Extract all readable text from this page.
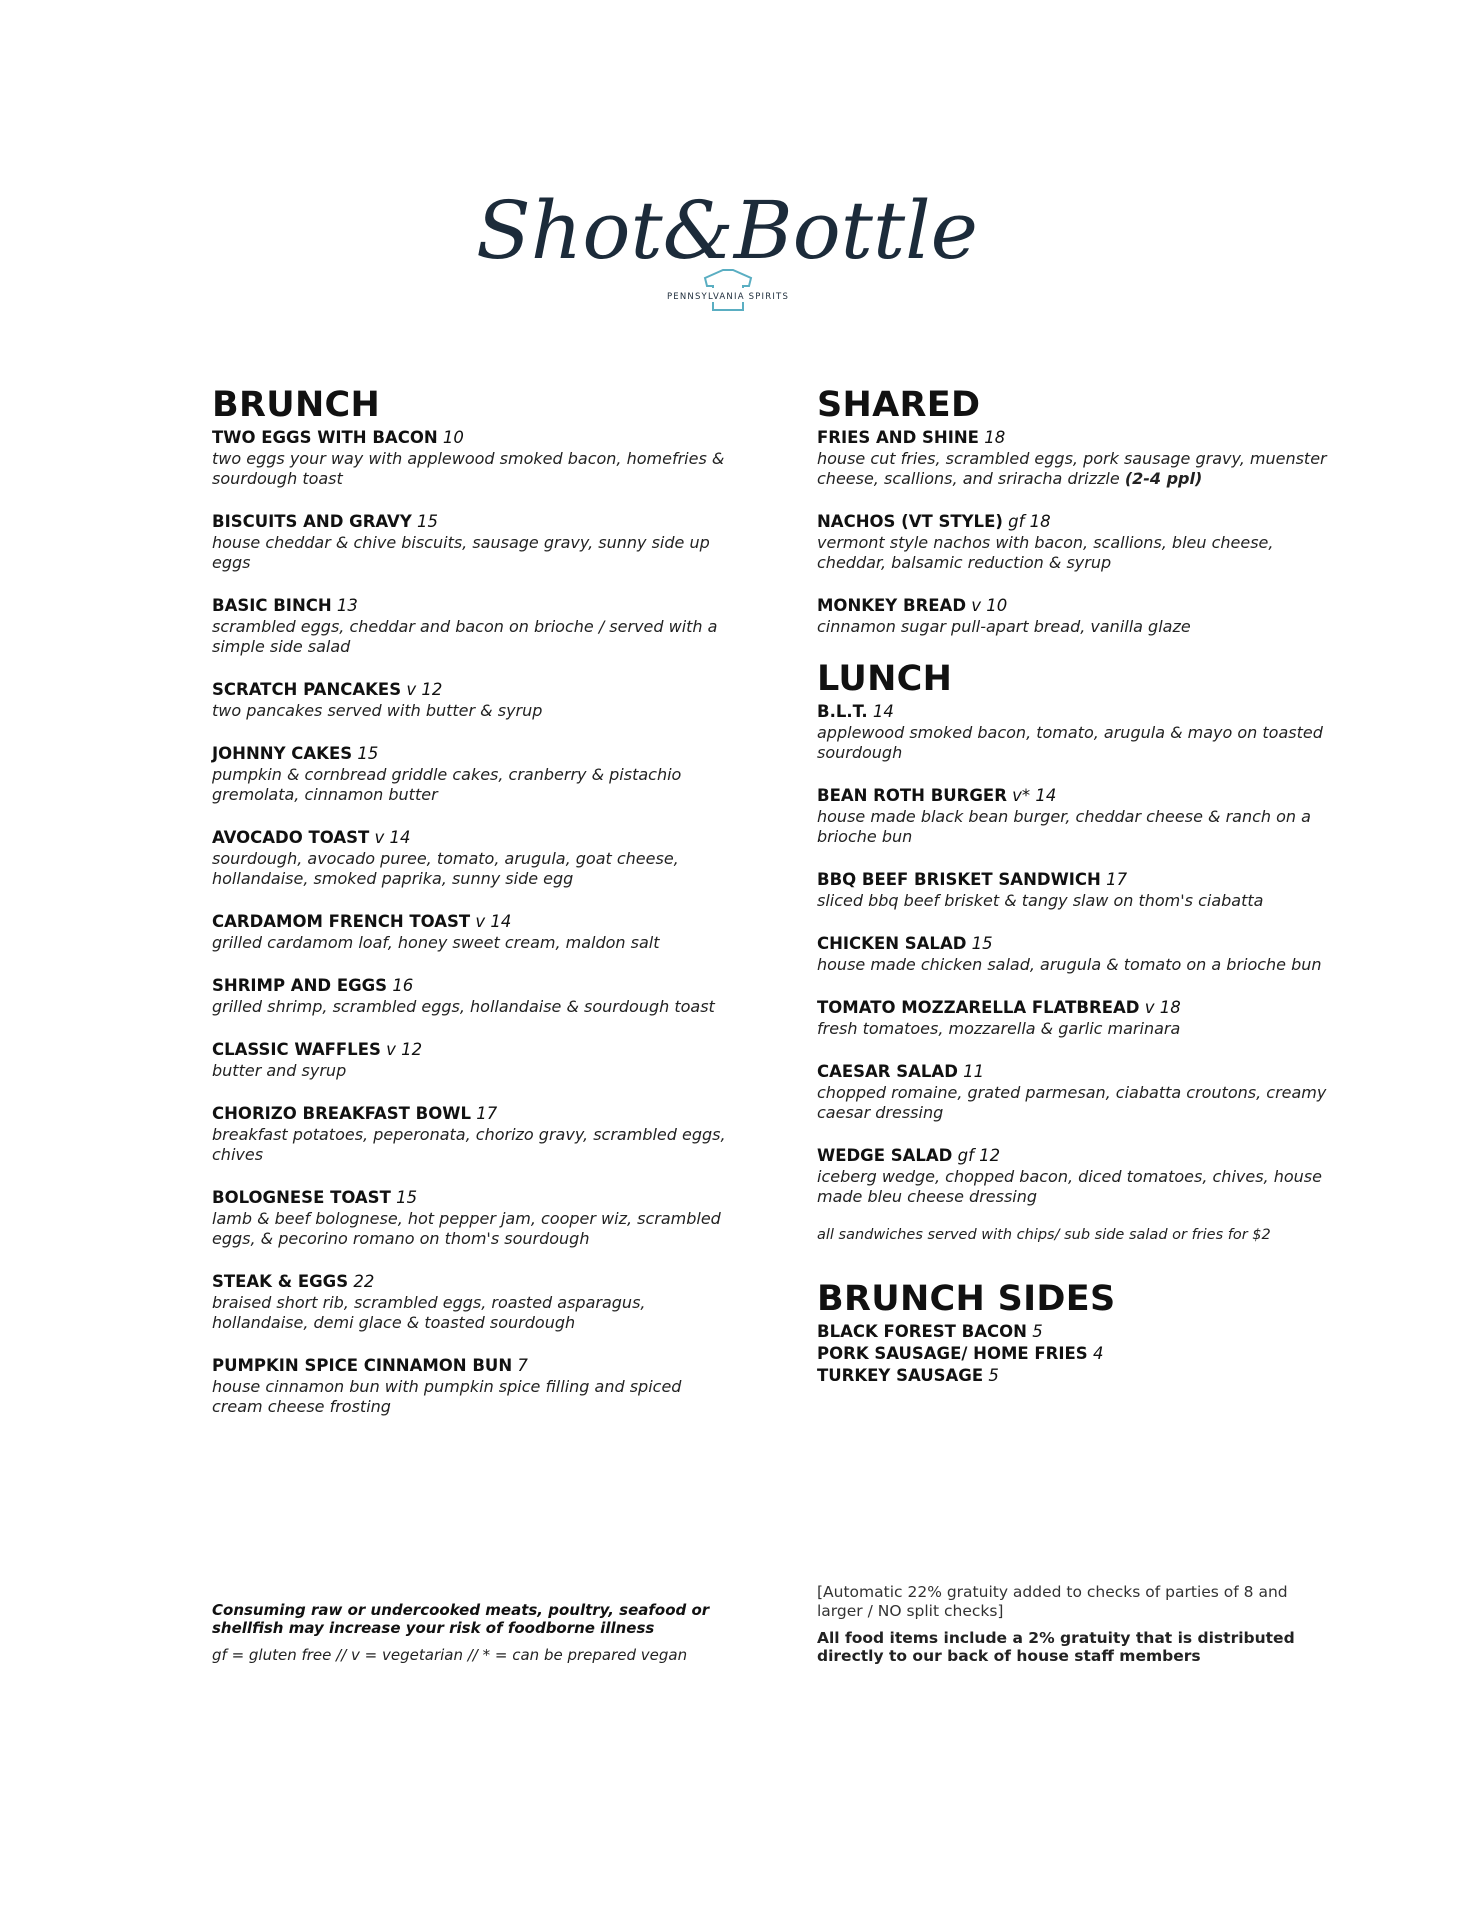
Shot&Bottle
PENNSYLVANIA SPIRITS
BRUNCH
TWO EGGS WITH BACON 10
two eggs your way with applewood smoked bacon, homefries & sourdough toast
BISCUITS AND GRAVY 15
house cheddar & chive biscuits, sausage gravy, sunny side up eggs
BASIC BINCH 13
scrambled eggs, cheddar and bacon on brioche / served with a simple side salad
SCRATCH PANCAKES v 12
two pancakes served with butter & syrup
JOHNNY CAKES 15
pumpkin & cornbread griddle cakes, cranberry & pistachio gremolata, cinnamon butter
AVOCADO TOAST v 14
sourdough, avocado puree, tomato, arugula, goat cheese, hollandaise, smoked paprika, sunny side egg
CARDAMOM FRENCH TOAST v 14
grilled cardamom loaf, honey sweet cream, maldon salt
SHRIMP AND EGGS 16
grilled shrimp, scrambled eggs, hollandaise & sourdough toast
CLASSIC WAFFLES v 12
butter and syrup
CHORIZO BREAKFAST BOWL 17
breakfast potatoes, peperonata, chorizo gravy, scrambled eggs, chives
BOLOGNESE TOAST 15
lamb & beef bolognese, hot pepper jam, cooper wiz, scrambled eggs, & pecorino romano on thom's sourdough
STEAK & EGGS 22
braised short rib, scrambled eggs, roasted asparagus, hollandaise, demi glace & toasted sourdough
PUMPKIN SPICE CINNAMON BUN 7
house cinnamon bun with pumpkin spice filling and spiced cream cheese frosting
SHARED
FRIES AND SHINE 18
house cut fries, scrambled eggs, pork sausage gravy, muenster cheese, scallions, and sriracha drizzle (2-4 ppl)
NACHOS (VT STYLE) gf 18
vermont style nachos with bacon, scallions, bleu cheese, cheddar, balsamic reduction & syrup
MONKEY BREAD v 10
cinnamon sugar pull-apart bread, vanilla glaze
LUNCH
B.L.T. 14
applewood smoked bacon, tomato, arugula & mayo on toasted sourdough
BEAN ROTH BURGER v* 14
house made black bean burger, cheddar cheese & ranch on a brioche bun
BBQ BEEF BRISKET SANDWICH 17
sliced bbq beef brisket & tangy slaw on thom's ciabatta
CHICKEN SALAD 15
house made chicken salad, arugula & tomato on a brioche bun
TOMATO MOZZARELLA FLATBREAD v 18
fresh tomatoes, mozzarella & garlic marinara
CAESAR SALAD 11
chopped romaine, grated parmesan, ciabatta croutons, creamy caesar dressing
WEDGE SALAD gf 12
iceberg wedge, chopped bacon, diced tomatoes, chives, house made bleu cheese dressing
all sandwiches served with chips/ sub side salad or fries for $2
BRUNCH SIDES
BLACK FOREST BACON 5
PORK SAUSAGE/ HOME FRIES 4
TURKEY SAUSAGE 5
Consuming raw or undercooked meats, poultry, seafood or
shellfish may increase your risk of foodborne illness
gf = gluten free // v = vegetarian // * = can be prepared vegan
[Automatic 22% gratuity added to checks of parties of 8 and larger / NO split checks]
All food items include a 2% gratuity that is distributed directly to our back of house staff members
